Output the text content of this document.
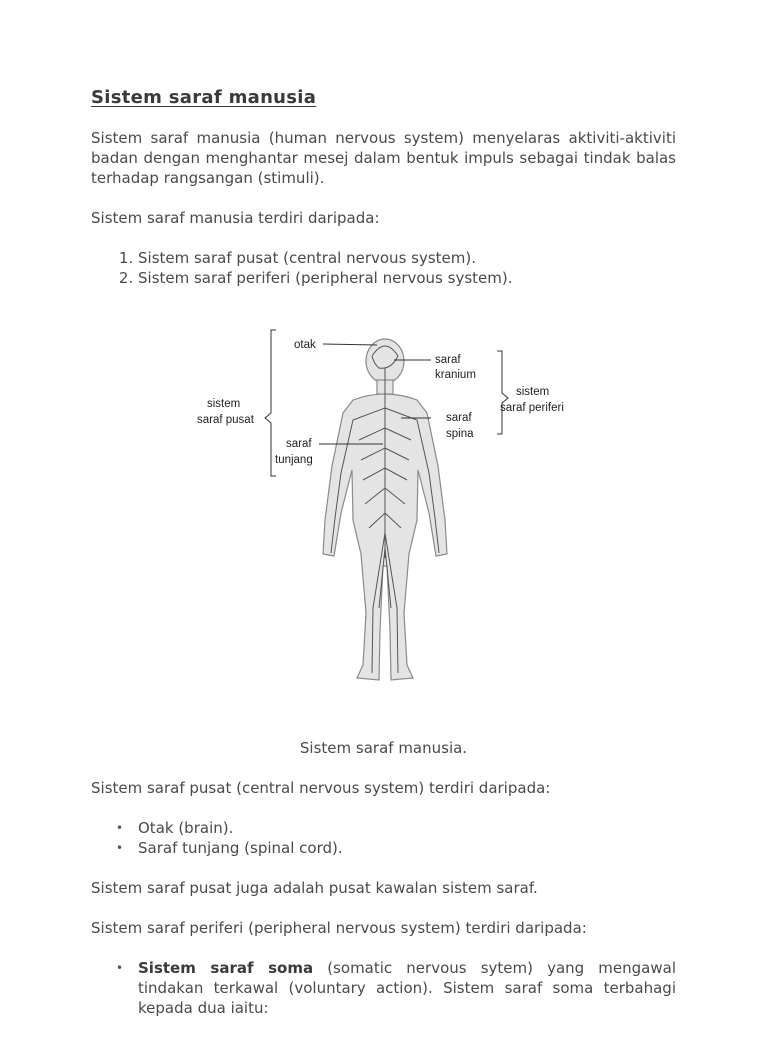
Sistem saraf manusia

Sistem saraf manusia (human nervous system) menyelaras aktiviti-aktiviti badan dengan menghantar mesej dalam bentuk impuls sebagai tindak balas terhadap rangsangan (stimuli).

Sistem saraf manusia terdiri daripada:

1. Sistem saraf pusat (central nervous system).
2. Sistem saraf periferi (peripheral nervous system).
otak
saraf
kranium
sistem
saraf periferi
sistem
saraf pusat	saraf
spina
saraf
tunjang

Sistem saraf manusia.

Sistem saraf pusat (central nervous system) terdiri daripada:

• Otak (brain).
• Saraf tunjang (spinal cord).

Sistem saraf pusat juga adalah pusat kawalan sistem saraf.

Sistem saraf periferi (peripheral nervous system) terdiri daripada:

• Sistem saraf soma (somatic nervous sytem) yang mengawal tindakan terkawal (voluntary action). Sistem saraf soma terbahagi kepada dua iaitu:
